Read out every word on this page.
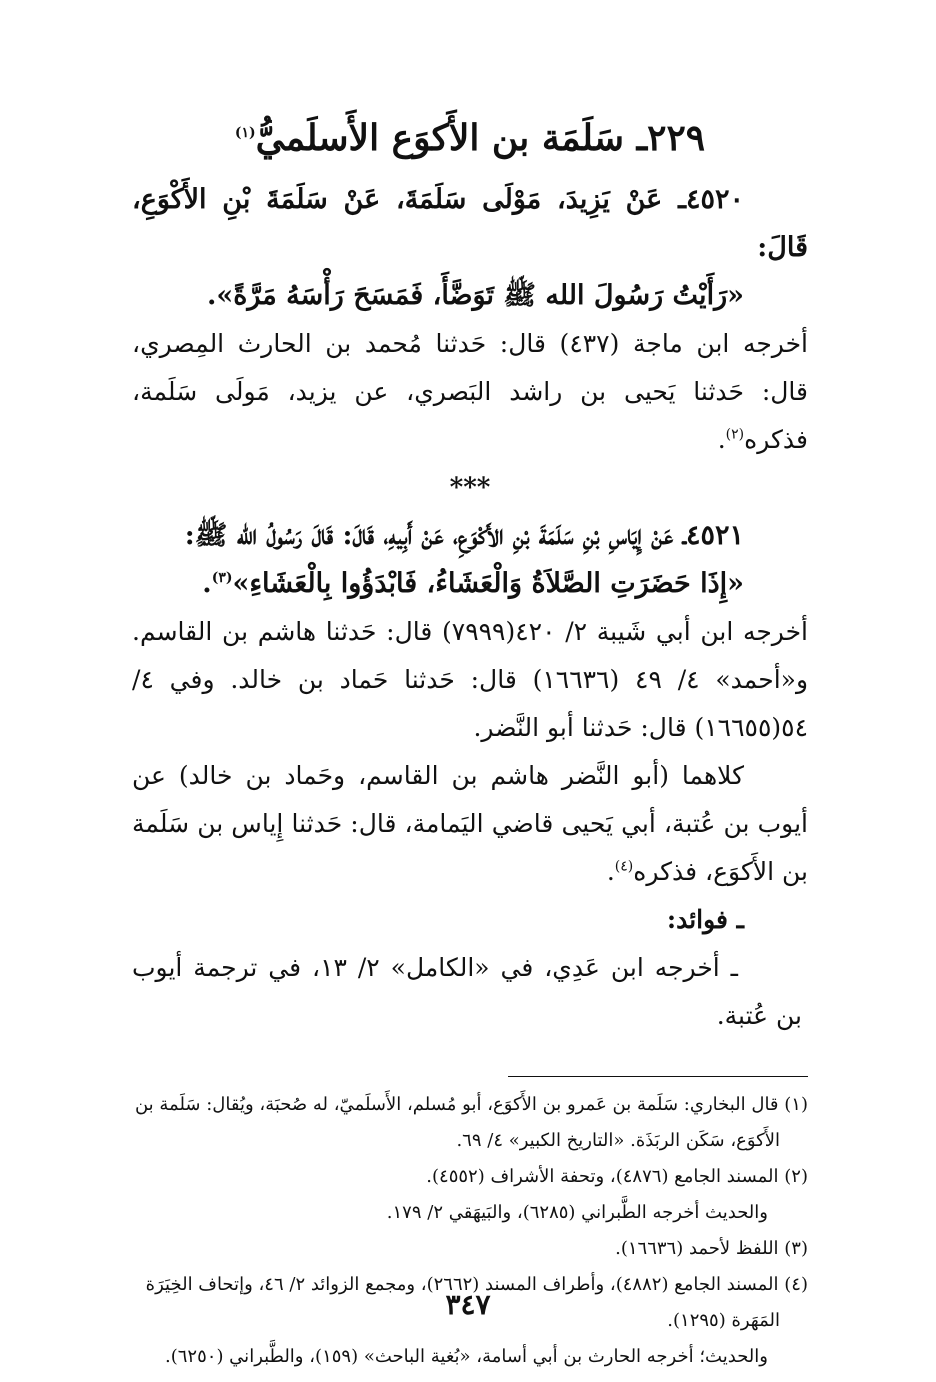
٢٢٩ـ سَلَمَة بن الأَكوَع الأَسلَميُّ$^{(١)}$

٤٥٢٠ـ عَنْ يَزِيدَ، مَوْلَى سَلَمَةَ، عَنْ سَلَمَةَ بْنِ الأَكْوَعِ، قَالَ:

«رَأَيْتُ رَسُولَ الله ﷺ تَوَضَّأَ، فَمَسَحَ رَأْسَهُ مَرَّةً».

أخرجه ابن ماجة (٤٣٧) قال: حَدثنا مُحمد بن الحارث المِصري، قال: حَدثنا يَحيى بن راشد البَصري، عن يزيد، مَولَى سَلَمة، فذكره$^{(٢)}$.

***

٤٥٢١ـ عَنْ إِيَاسِ بْنِ سَلَمَةَ بْنِ الأَكْوَعِ، عَنْ أَبِيهِ، قَالَ: قَالَ رَسُولُ الله ﷺ:

«إِذَا حَضَرَتِ الصَّلاَةُ وَالْعَشَاءُ، فَابْدَؤُوا بِالْعَشَاءِ»$^{(٣)}$.

أخرجه ابن أبي شَيبة ٢/ ٤٢٠(٧٩٩٩) قال: حَدثنا هاشم بن القاسم. و«أحمد» ٤/ ٤٩ (١٦٦٣٦) قال: حَدثنا حَماد بن خالد. وفي ٤/ ٥٤(١٦٦٥٥) قال: حَدثنا أبو النَّضر.

كلاهما (أبو النَّضر هاشم بن القاسم، وحَماد بن خالد) عن أيوب بن عُتبة، أبي يَحيى قاضي اليَمامة، قال: حَدثنا إِياس بن سَلَمة بن الأَكوَع، فذكره$^{(٤)}$.

ـ فوائد:

ـ أخرجه ابن عَدِي، في «الكامل» ٢/ ١٣، في ترجمة أيوب بن عُتبة.

(١) قال البخاري: سَلَمة بن عَمرو بن الأَكوَع، أبو مُسلم، الأَسلَميّ، له صُحبَة، ويُقال: سَلَمة بن

الأَكوَع، سَكَن الربَذَة. «التاريخ الكبير» ٤/ ٦٩.

(٢) المسند الجامع (٤٨٧٦)، وتحفة الأشراف (٤٥٥٢).

والحديث أخرجه الطَّبراني (٦٢٨٥)، والبَيهَقي ٢/ ١٧٩.

(٣) اللفظ لأحمد (١٦٦٣٦).

(٤) المسند الجامع (٤٨٨٢)، وأطراف المسند (٢٦٦٢)، ومجمع الزوائد ٢/ ٤٦، وإتحاف الخِيَرَة

المَهَرة (١٢٩٥).

والحديث؛ أخرجه الحارث بن أبي أسامة، «بُغية الباحث» (١٥٩)، والطَّبراني (٦٢٥٠).

٣٤٧
